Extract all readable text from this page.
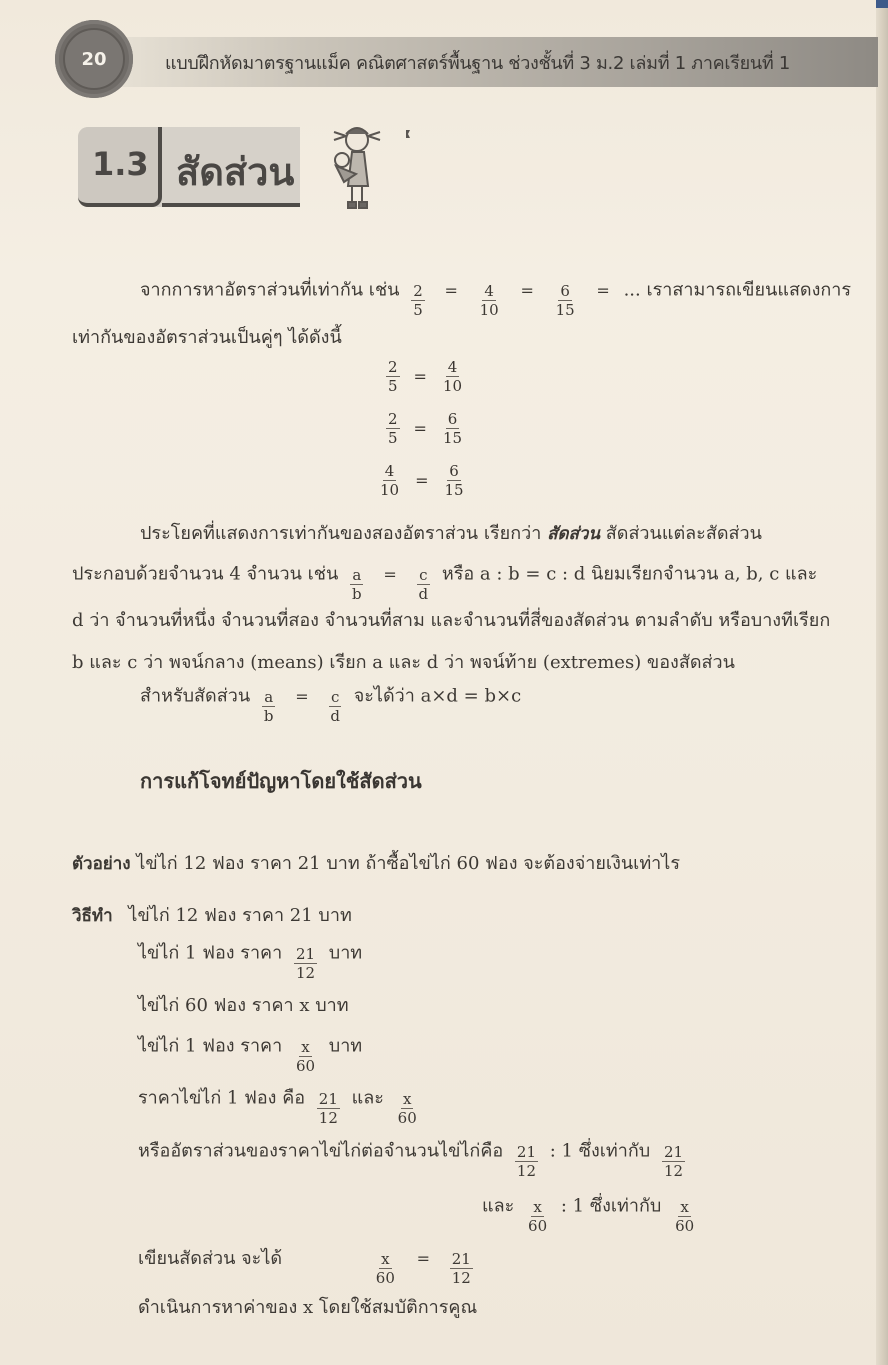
20	แบบฝึกหัดมาตรฐานแม็ค คณิตศาสตร์พื้นฐาน ช่วงชั้นที่ 3 ม.2 เล่มที่ 1 ภาคเรียนที่ 1
1.3 สัดส่วน
จากการหาอัตราส่วนที่เท่ากัน เช่น $\frac{2}{5} = \frac{4}{10} = \frac{6}{15}$ = ... เราสามารถเขียนแสดงการ
เท่ากันของอัตราส่วนเป็นคู่ๆ ได้ดังนี้
$\frac{2}{5} = \frac{4}{10}$
$\frac{2}{5} = \frac{6}{15}$
$\frac{4}{10} = \frac{6}{15}$
ประโยคที่แสดงการเท่ากันของสองอัตราส่วน เรียกว่า สัดส่วน สัดส่วนแต่ละสัดส่วน
ประกอบด้วยจำนวน 4 จำนวน เช่น $\frac{a}{b} = \frac{c}{d}$ หรือ a : b = c : d นิยมเรียกจำนวน a, b, c และ
d ว่า จำนวนที่หนึ่ง จำนวนที่สอง จำนวนที่สาม และจำนวนที่สี่ของสัดส่วน ตามลำดับ หรือบางทีเรียก
b และ c ว่า พจน์กลาง (means) เรียก a และ d ว่า พจน์ท้าย (extremes) ของสัดส่วน
สำหรับสัดส่วน $\frac{a}{b} = \frac{c}{d}$ จะได้ว่า a×d = b×c
การแก้โจทย์ปัญหาโดยใช้สัดส่วน
ตัวอย่าง ไข่ไก่ 12 ฟอง ราคา 21 บาท ถ้าซื้อไข่ไก่ 60 ฟอง จะต้องจ่ายเงินเท่าไร
วิธีทำ ไข่ไก่ 12 ฟอง ราคา 21 บาท
ไข่ไก่ 1 ฟอง ราคา $\frac{21}{12}$ บาท
ไข่ไก่ 60 ฟอง ราคา x บาท
ไข่ไก่ 1 ฟอง ราคา $\frac{x}{60}$ บาท
ราคาไข่ไก่ 1 ฟอง คือ $\frac{21}{12}$ และ $\frac{x}{60}$
หรืออัตราส่วนของราคาไข่ไก่ต่อจำนวนไข่ไก่คือ $\frac{21}{12}$ : 1 ซึ่งเท่ากับ $\frac{21}{12}$
และ $\frac{x}{60}$ : 1 ซึ่งเท่ากับ $\frac{x}{60}$
เขียนสัดส่วน จะได้	$\frac{x}{60} = \frac{21}{12}$
ดำเนินการหาค่าของ x โดยใช้สมบัติการคูณ
